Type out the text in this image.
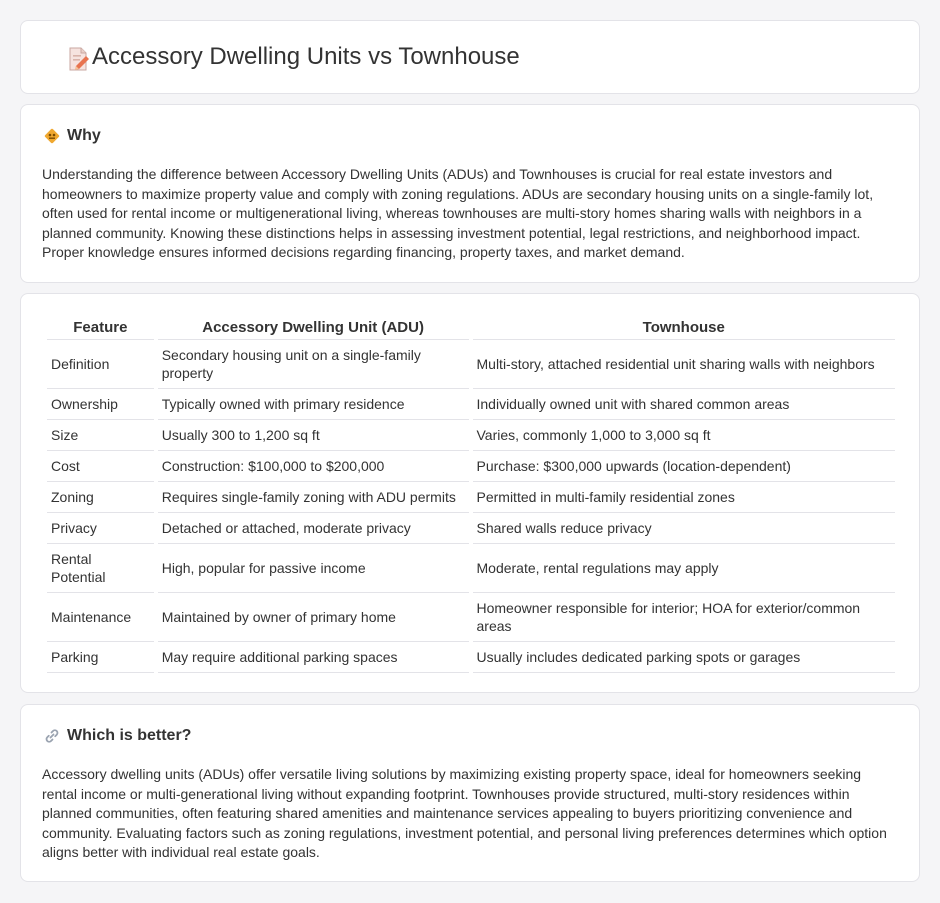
Accessory Dwelling Units vs Townhouse
Why

Understanding the difference between Accessory Dwelling Units (ADUs) and Townhouses is crucial for real estate investors and homeowners to maximize property value and comply with zoning regulations. ADUs are secondary housing units on a single-family lot, often used for rental income or multigenerational living, whereas townhouses are multi-story homes sharing walls with neighbors in a planned community. Knowing these distinctions helps in assessing investment potential, legal restrictions, and neighborhood impact. Proper knowledge ensures informed decisions regarding financing, property taxes, and market demand.

Feature	Accessory Dwelling Unit (ADU)	Townhouse
Definition	Secondary housing unit on a single-family property	Multi-story, attached residential unit sharing walls with neighbors
Ownership	Typically owned with primary residence	Individually owned unit with shared common areas
Size	Usually 300 to 1,200 sq ft	Varies, commonly 1,000 to 3,000 sq ft
Cost	Construction: $100,000 to $200,000	Purchase: $300,000 upwards (location-dependent)
Zoning	Requires single-family zoning with ADU permits	Permitted in multi-family residential zones
Privacy	Detached or attached, moderate privacy	Shared walls reduce privacy
Rental Potential	High, popular for passive income	Moderate, rental regulations may apply
Maintenance	Maintained by owner of primary home	Homeowner responsible for interior; HOA for exterior/common areas
Parking	May require additional parking spaces	Usually includes dedicated parking spots or garages
Which is better?

Accessory dwelling units (ADUs) offer versatile living solutions by maximizing existing property space, ideal for homeowners seeking rental income or multi-generational living without expanding footprint. Townhouses provide structured, multi-story residences within planned communities, often featuring shared amenities and maintenance services appealing to buyers prioritizing convenience and community. Evaluating factors such as zoning regulations, investment potential, and personal living preferences determines which option aligns better with individual real estate goals.
